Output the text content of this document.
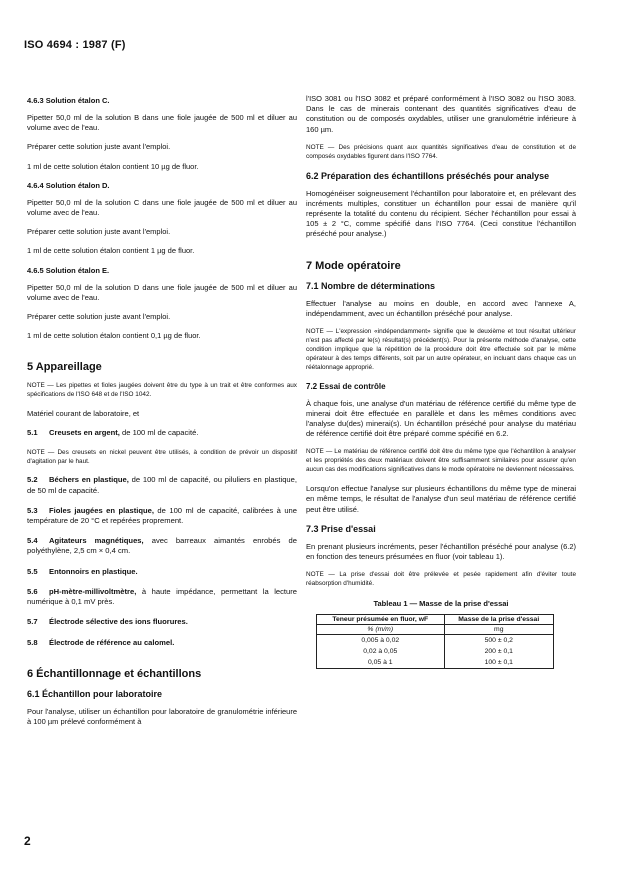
ISO 4694 : 1987 (F)
4.6.3 Solution étalon C.

Pipetter 50,0 ml de la solution B dans une fiole jaugée de 500 ml et diluer au volume avec de l'eau.

Préparer cette solution juste avant l'emploi.

1 ml de cette solution étalon contient 10 µg de fluor.

4.6.4 Solution étalon D.

Pipetter 50,0 ml de la solution C dans une fiole jaugée de 500 ml et diluer au volume avec de l'eau.

Préparer cette solution juste avant l'emploi.

1 ml de cette solution étalon contient 1 µg de fluor.

4.6.5 Solution étalon E.

Pipetter 50,0 ml de la solution D dans une fiole jaugée de 500 ml et diluer au volume avec de l'eau.

Préparer cette solution juste avant l'emploi.

1 ml de cette solution étalon contient 0,1 µg de fluor.

5 Appareillage

NOTE — Les pipettes et fioles jaugées doivent être du type à un trait et être conformes aux spécifications de l'ISO 648 et de l'ISO 1042.

Matériel courant de laboratoire, et

5.1 Creusets en argent, de 100 ml de capacité.
NOTE — Des creusets en nickel peuvent être utilisés, à condition de prévoir un dispositif d'agitation par le haut.
5.2 Béchers en plastique, de 100 ml de capacité, ou piluliers en plastique, de 50 ml de capacité.
5.3 Fioles jaugées en plastique, de 100 ml de capacité, calibrées à une température de 20 °C et repérées proprement.
5.4 Agitateurs magnétiques, avec barreaux aimantés enrobés de polyéthylène, 2,5 cm × 0,4 cm.
5.5 Entonnoirs en plastique.
5.6 pH-mètre-millivoltmètre, à haute impédance, permettant la lecture numérique à 0,1 mV près.
5.7 Électrode sélective des ions fluorures.
5.8 Électrode de référence au calomel.
6 Échantillonnage et échantillons
6.1 Échantillon pour laboratoire

Pour l'analyse, utiliser un échantillon pour laboratoire de granulométrie inférieure à 100 µm prélevé conformément à

l'ISO 3081 ou l'ISO 3082 et préparé conformément à l'ISO 3082 ou l'ISO 3083. Dans le cas de minerais contenant des quantités significatives d'eau de constitution ou de composés oxydables, utiliser une granulométrie inférieure à 160 µm.

NOTE — Des précisions quant aux quantités significatives d'eau de constitution et de composés oxydables figurent dans l'ISO 7764.

6.2 Préparation des échantillons préséchés pour analyse

Homogénéiser soigneusement l'échantillon pour laboratoire et, en prélevant des incréments multiples, constituer un échantillon pour essai de manière qu'il représente la totalité du contenu du récipient. Sécher l'échantillon pour essai à 105 ± 2 °C, comme spécifié dans l'ISO 7764. (Ceci constitue l'échantillon préséché pour analyse.)

7 Mode opératoire
7.1 Nombre de déterminations

Effectuer l'analyse au moins en double, en accord avec l'annexe A, indépendamment, avec un échantillon préséché pour analyse.

NOTE — L'expression «indépendamment» signifie que le deuxième et tout résultat ultérieur n'est pas affecté par le(s) résultat(s) précédent(s). Pour la présente méthode d'analyse, cette condition implique que la répétition de la procédure doit être effectuée soit par le même opérateur à des temps différents, soit par un autre opérateur, en incluant dans chaque cas un réétalonnage approprié.

7.2 Essai de contrôle

À chaque fois, une analyse d'un matériau de référence certifié du même type de minerai doit être effectuée en parallèle et dans les mêmes conditions avec l'analyse du(des) minerai(s). Un échantillon préséché pour analyse du matériau de référence certifié doit être préparé comme spécifié en 6.2.

NOTE — Le matériau de référence certifié doit être du même type que l'échantillon à analyser et les propriétés des deux matériaux doivent être suffisamment similaires pour assurer qu'en aucun cas des modifications significatives dans le mode opératoire ne deviennent nécessaires.

Lorsqu'on effectue l'analyse sur plusieurs échantillons du même type de minerai en même temps, le résultat de l'analyse d'un seul matériau de référence certifié peut être utilisé.

7.3 Prise d'essai

En prenant plusieurs incréments, peser l'échantillon préséché pour analyse (6.2) en fonction des teneurs présumées en fluor (voir tableau 1).

NOTE — La prise d'essai doit être prélevée et pesée rapidement afin d'éviter toute réabsorption d'humidité.

Tableau 1 — Masse de la prise d'essai
Teneur présumée en fluor, wF	Masse de la prise d'essai
% (m/m)	mg
0,005 à 0,02	500 ± 0,2
0,02 à 0,05	200 ± 0,1
0,05 à 1	100 ± 0,1
2
